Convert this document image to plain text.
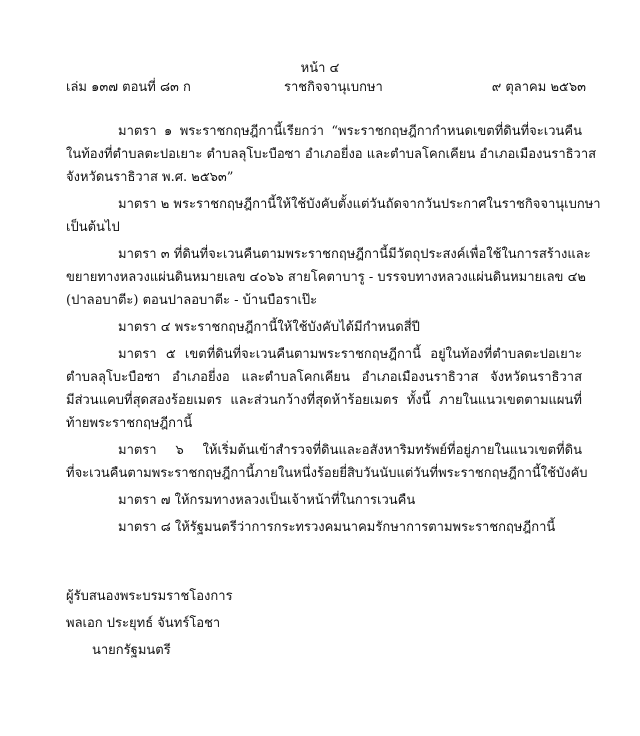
หน้า ๔
เล่ม ๑๓๗ ตอนที่ ๘๓ ก	ราชกิจจานุเบกษา	๙ ตุลาคม ๒๕๖๓
มาตรา ๑ พระราชกฤษฎีกานี้เรียกว่า “พระราชกฤษฎีกากำหนดเขตที่ดินที่จะเวนคืน
ในท้องที่ตำบลตะปอเยาะ ตำบลลุโบะบือซา อำเภอยี่งอ และตำบลโคกเคียน อำเภอเมืองนราธิวาส
จังหวัดนราธิวาส พ.ศ. ๒๕๖๓”
มาตรา ๒ พระราชกฤษฎีกานี้ให้ใช้บังคับตั้งแต่วันถัดจากวันประกาศในราชกิจจานุเบกษา
เป็นต้นไป
มาตรา ๓ ที่ดินที่จะเวนคืนตามพระราชกฤษฎีกานี้มีวัตถุประสงค์เพื่อใช้ในการสร้างและ
ขยายทางหลวงแผ่นดินหมายเลข ๔๐๖๖ สายโคตาบารู - บรรจบทางหลวงแผ่นดินหมายเลข ๔๒
(ปาลอบาตีะ) ตอนปาลอบาตีะ - บ้านบือราเป๊ะ
มาตรา ๔ พระราชกฤษฎีกานี้ให้ใช้บังคับได้มีกำหนดสี่ปี
มาตรา ๕ เขตที่ดินที่จะเวนคืนตามพระราชกฤษฎีกานี้ อยู่ในท้องที่ตำบลตะปอเยาะ
ตำบลลุโบะบือซา อำเภอยี่งอ และตำบลโคกเคียน อำเภอเมืองนราธิวาส จังหวัดนราธิวาส
มีส่วนแคบที่สุดสองร้อยเมตร และส่วนกว้างที่สุดห้าร้อยเมตร ทั้งนี้ ภายในแนวเขตตามแผนที่
ท้ายพระราชกฤษฎีกานี้
มาตรา ๖ ให้เริ่มต้นเข้าสำรวจที่ดินและอสังหาริมทรัพย์ที่อยู่ภายในแนวเขตที่ดิน
ที่จะเวนคืนตามพระราชกฤษฎีกานี้ภายในหนึ่งร้อยยี่สิบวันนับแต่วันที่พระราชกฤษฎีกานี้ใช้บังคับ
มาตรา ๗ ให้กรมทางหลวงเป็นเจ้าหน้าที่ในการเวนคืน
มาตรา ๘ ให้รัฐมนตรีว่าการกระทรวงคมนาคมรักษาการตามพระราชกฤษฎีกานี้
ผู้รับสนองพระบรมราชโองการ
พลเอก ประยุทธ์ จันทร์โอชา
นายกรัฐมนตรี
